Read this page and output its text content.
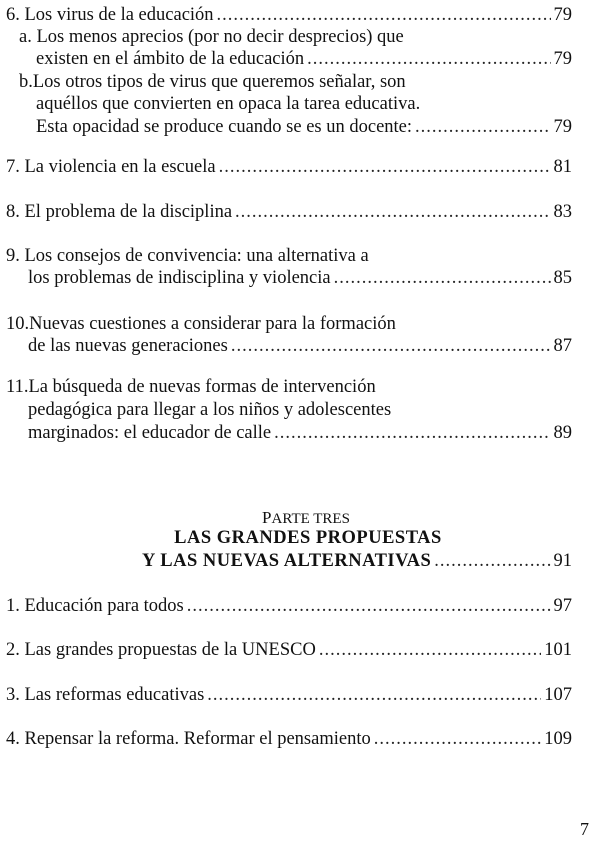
6. Los virus de la educación .....	79
a. Los menos aprecios (por no decir desprecios) que
existen en el ámbito de la educación .....	79
b.Los otros tipos de virus que queremos señalar, son
aquéllos que convierten en opaca la tarea educativa.
Esta opacidad se produce cuando se es un docente: .....	79
7. La violencia en la escuela .....	81
8. El problema de la disciplina .....	83
9. Los consejos de convivencia: una alternativa a
los problemas de indisciplina y violencia .....	85
10.Nuevas cuestiones a considerar para la formación
de las nuevas generaciones .....	87
11.La búsqueda de nuevas formas de intervención
pedagógica para llegar a los niños y adolescentes
marginados: el educador de calle .....	89
PARTE TRES
LAS GRANDES PROPUESTAS
Y LAS NUEVAS ALTERNATIVAS .....	91
1. Educación para todos .....	97
2. Las grandes propuestas de la UNESCO .....	101
3. Las reformas educativas .....	107
4. Repensar la reforma. Reformar el pensamiento .....	109
7
